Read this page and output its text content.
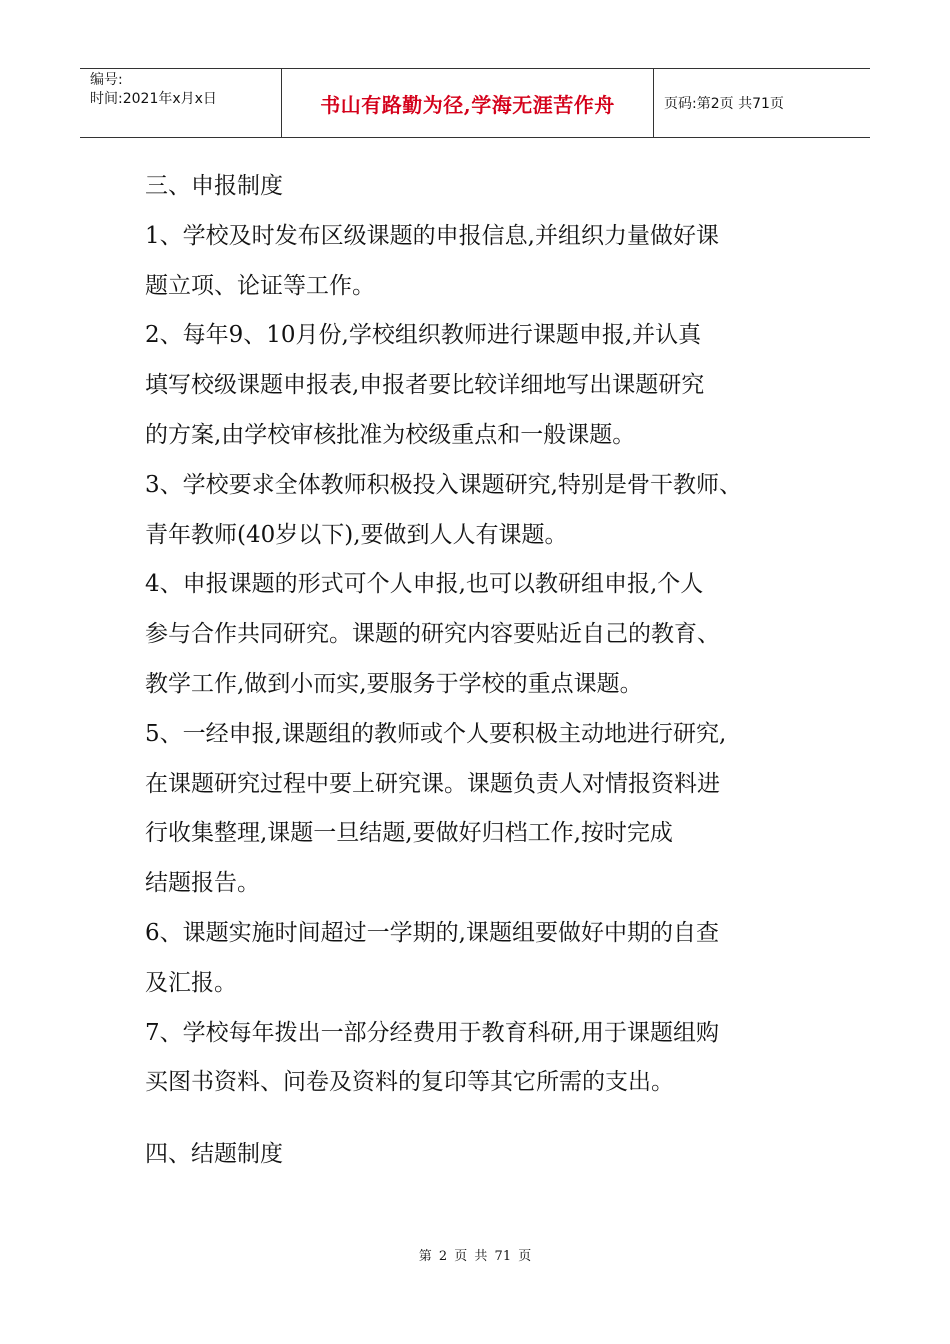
编号:
时间:2021年x月x日	书山有路勤为径,学海无涯苦作舟	页码:第2页 共71页

三、申报制度

1、学校及时发布区级课题的申报信息,并组织力量做好课

题立项、论证等工作。

2、每年9、10月份,学校组织教师进行课题申报,并认真

填写校级课题申报表,申报者要比较详细地写出课题研究

的方案,由学校审核批准为校级重点和一般课题。

3、学校要求全体教师积极投入课题研究,特别是骨干教师、

青年教师(40岁以下),要做到人人有课题。

4、申报课题的形式可个人申报,也可以教研组申报,个人

参与合作共同研究。课题的研究内容要贴近自己的教育、

教学工作,做到小而实,要服务于学校的重点课题。

5、一经申报,课题组的教师或个人要积极主动地进行研究,

在课题研究过程中要上研究课。课题负责人对情报资料进

行收集整理,课题一旦结题,要做好归档工作,按时完成

结题报告。

6、课题实施时间超过一学期的,课题组要做好中期的自查

及汇报。

7、学校每年拨出一部分经费用于教育科研,用于课题组购

买图书资料、问卷及资料的复印等其它所需的支出。

四、结题制度

第 2 页 共 71 页
